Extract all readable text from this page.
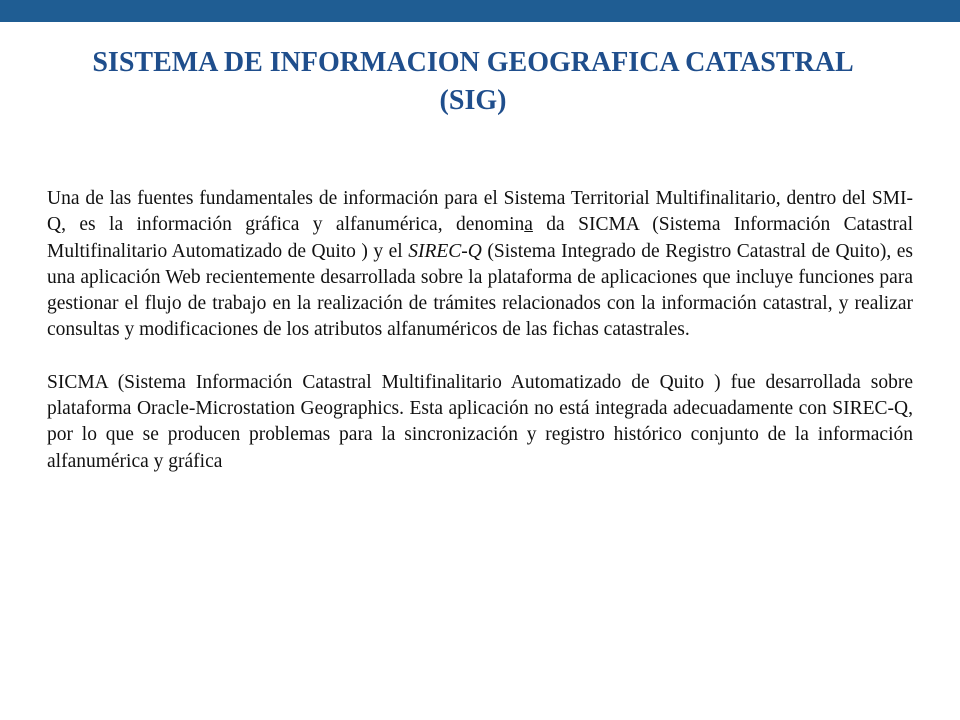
SISTEMA DE INFORMACION GEOGRAFICA CATASTRAL
(SIG)

Una de las fuentes fundamentales de información para el Sistema Territorial Multifinalitario, dentro del SMI-Q, es la información gráfica y alfanumérica, denomina da SICMA (Sistema Información Catastral Multifinalitario Automatizado de Quito ) y el SIREC-Q (Sistema Integrado de Registro Catastral de Quito), es una aplicación Web recientemente desarrollada sobre la plataforma de aplicaciones que incluye funciones para gestionar el flujo de trabajo en la realización de trámites relacionados con la información catastral, y realizar consultas y modificaciones de los atributos alfanuméricos de las fichas catastrales.

SICMA (Sistema Información Catastral Multifinalitario Automatizado de Quito ) fue desarrollada sobre plataforma Oracle-Microstation Geographics. Esta aplicación no está integrada adecuadamente con SIREC-Q, por lo que se producen problemas para la sincronización y registro histórico conjunto de la información alfanumérica y gráfica
